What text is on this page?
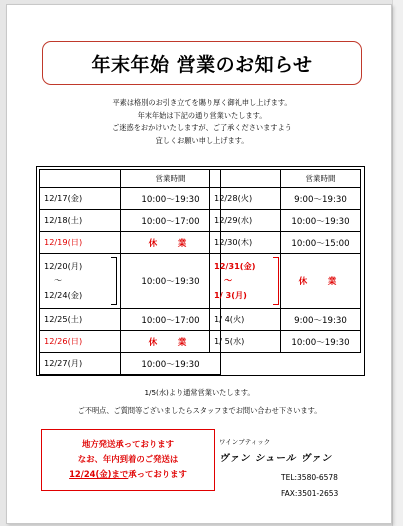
年末年始 営業のお知らせ
平素は格別のお引き立てを賜り厚く御礼申し上げます。
年末年始は下記の通り営業いたします。
ご迷惑をおかけいたしますが、ご了承くださいますよう
宜しくお願い申し上げます。
	営業時間
12/17(金)	10:00～19:30
12/18(土)	10:00～17:00
12/19(日)	休　業

12/20(月)
～
12/24(金)	10:00～19:30
12/25(土)	10:00～17:00
12/26(日)	休　業
12/27(月)	10:00～19:30
	営業時間
12/28(火)	9:00～19:30
12/29(水)	10:00～19:30
12/30(木)	10:00～15:00

12/31(金)
～
1/ 3(月)	休　業
1/ 4(火)	9:00～19:30
1/ 5(水)	10:00～19:30
1/5(水)より通常営業いたします。
ご不明点、ご質問等ございましたらスタッフまでお問い合わせ下さいます。
地方発送承っております
なお、年内到着のご発送は
12/24(金)まで承っております
ワインブティック
ヴァン シュール ヴァン
TEL:3580-6578
FAX:3501-2653
